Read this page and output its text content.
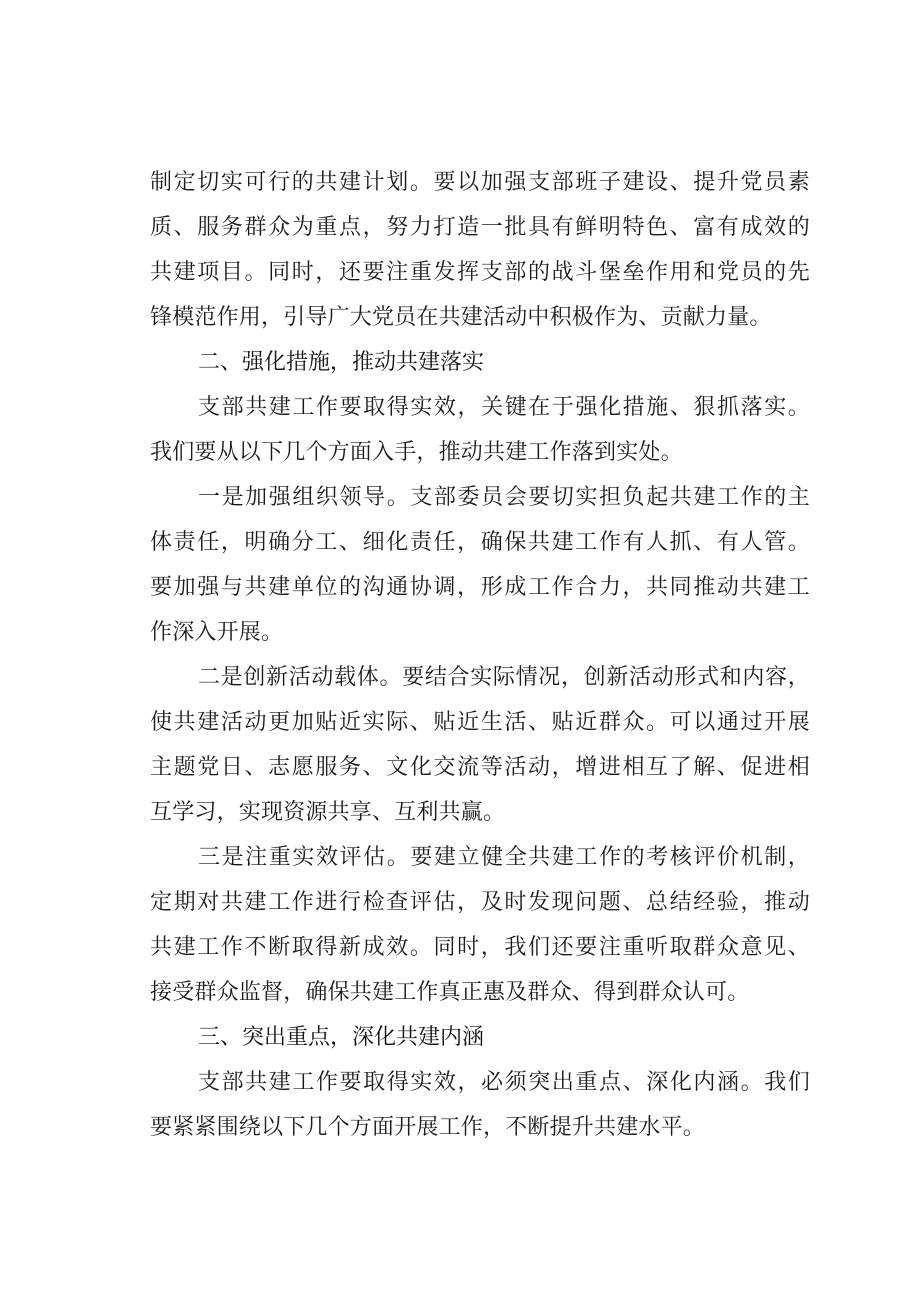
制定切实可行的共建计划。要以加强支部班子建设、提升党员素
质、服务群众为重点，努力打造一批具有鲜明特色、富有成效的
共建项目。同时，还要注重发挥支部的战斗堡垒作用和党员的先
锋模范作用，引导广大党员在共建活动中积极作为、贡献力量。
二、强化措施，推动共建落实
支部共建工作要取得实效，关键在于强化措施、狠抓落实。
我们要从以下几个方面入手，推动共建工作落到实处。
一是加强组织领导。支部委员会要切实担负起共建工作的主
体责任，明确分工、细化责任，确保共建工作有人抓、有人管。
要加强与共建单位的沟通协调，形成工作合力，共同推动共建工
作深入开展。
二是创新活动载体。要结合实际情况，创新活动形式和内容，
使共建活动更加贴近实际、贴近生活、贴近群众。可以通过开展
主题党日、志愿服务、文化交流等活动，增进相互了解、促进相
互学习，实现资源共享、互利共赢。
三是注重实效评估。要建立健全共建工作的考核评价机制，
定期对共建工作进行检查评估，及时发现问题、总结经验，推动
共建工作不断取得新成效。同时，我们还要注重听取群众意见、
接受群众监督，确保共建工作真正惠及群众、得到群众认可。
三、突出重点，深化共建内涵
支部共建工作要取得实效，必须突出重点、深化内涵。我们
要紧紧围绕以下几个方面开展工作，不断提升共建水平。
